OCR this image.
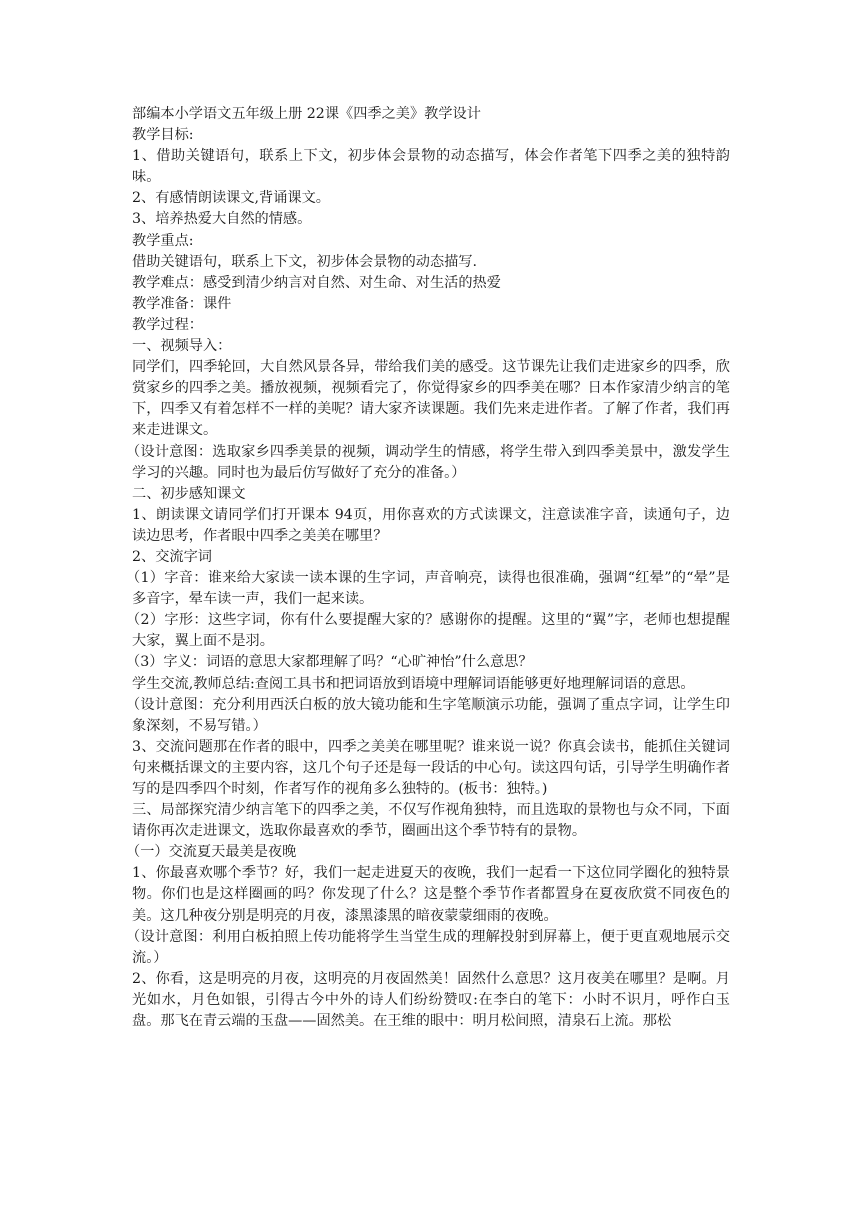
部编本小学语文五年级上册 22课《四季之美》教学设计

教学目标:

1、借助关键语句，联系上下文，初步体会景物的动态描写，体会作者笔下四季之美的独特韵味。

2、有感情朗读课文,背诵课文。

3、培养热爱大自然的情感。

教学重点:

借助关键语句，联系上下文，初步体会景物的动态描写.

教学难点：感受到清少纳言对自然、对生命、对生活的热爱

教学准备：课件

教学过程：

一、视频导入：

同学们，四季轮回，大自然风景各异，带给我们美的感受。这节课先让我们走进家乡的四季，欣赏家乡的四季之美。播放视频，视频看完了，你觉得家乡的四季美在哪？日本作家清少纳言的笔下，四季又有着怎样不一样的美呢？请大家齐读课题。我们先来走进作者。了解了作者，我们再来走进课文。

（设计意图：选取家乡四季美景的视频，调动学生的情感，将学生带入到四季美景中，激发学生学习的兴趣。同时也为最后仿写做好了充分的准备。）

二、初步感知课文

1、朗读课文请同学们打开课本 94页，用你喜欢的方式读课文，注意读准字音，读通句子，边读边思考，作者眼中四季之美美在哪里？

2、交流字词

（1）字音：谁来给大家读一读本课的生字词，声音响亮，读得也很准确，强调“红晕”的“晕”是多音字，晕车读一声，我们一起来读。

（2）字形：这些字词，你有什么要提醒大家的？感谢你的提醒。这里的“翼”字，老师也想提醒大家，翼上面不是羽。

（3）字义：词语的意思大家都理解了吗？“心旷神怡”什么意思？

学生交流,教师总结:查阅工具书和把词语放到语境中理解词语能够更好地理解词语的意思。

（设计意图：充分利用西沃白板的放大镜功能和生字笔顺演示功能，强调了重点字词，让学生印象深刻，不易写错。）

3、交流问题那在作者的眼中，四季之美美在哪里呢？谁来说一说？你真会读书，能抓住关键词句来概括课文的主要内容，这几个句子还是每一段话的中心句。读这四句话，引导学生明确作者写的是四季四个时刻，作者写作的视角多么独特的。(板书：独特。)

三、局部探究清少纳言笔下的四季之美，不仅写作视角独特，而且选取的景物也与众不同，下面请你再次走进课文，选取你最喜欢的季节，圈画出这个季节特有的景物。

（一）交流夏天最美是夜晚

1、你最喜欢哪个季节？好，我们一起走进夏天的夜晚，我们一起看一下这位同学圈化的独特景物。你们也是这样圈画的吗？你发现了什么？这是整个季节作者都置身在夏夜欣赏不同夜色的美。这几种夜分别是明亮的月夜，漆黑漆黑的暗夜蒙蒙细雨的夜晚。

（设计意图：利用白板拍照上传功能将学生当堂生成的理解投射到屏幕上，便于更直观地展示交流。）

2、你看，这是明亮的月夜，这明亮的月夜固然美！固然什么意思？这月夜美在哪里？是啊。月光如水，月色如银，引得古今中外的诗人们纷纷赞叹:在李白的笔下：小时不识月，呼作白玉盘。那飞在青云端的玉盘——固然美。在王维的眼中：明月松间照，清泉石上流。那松
